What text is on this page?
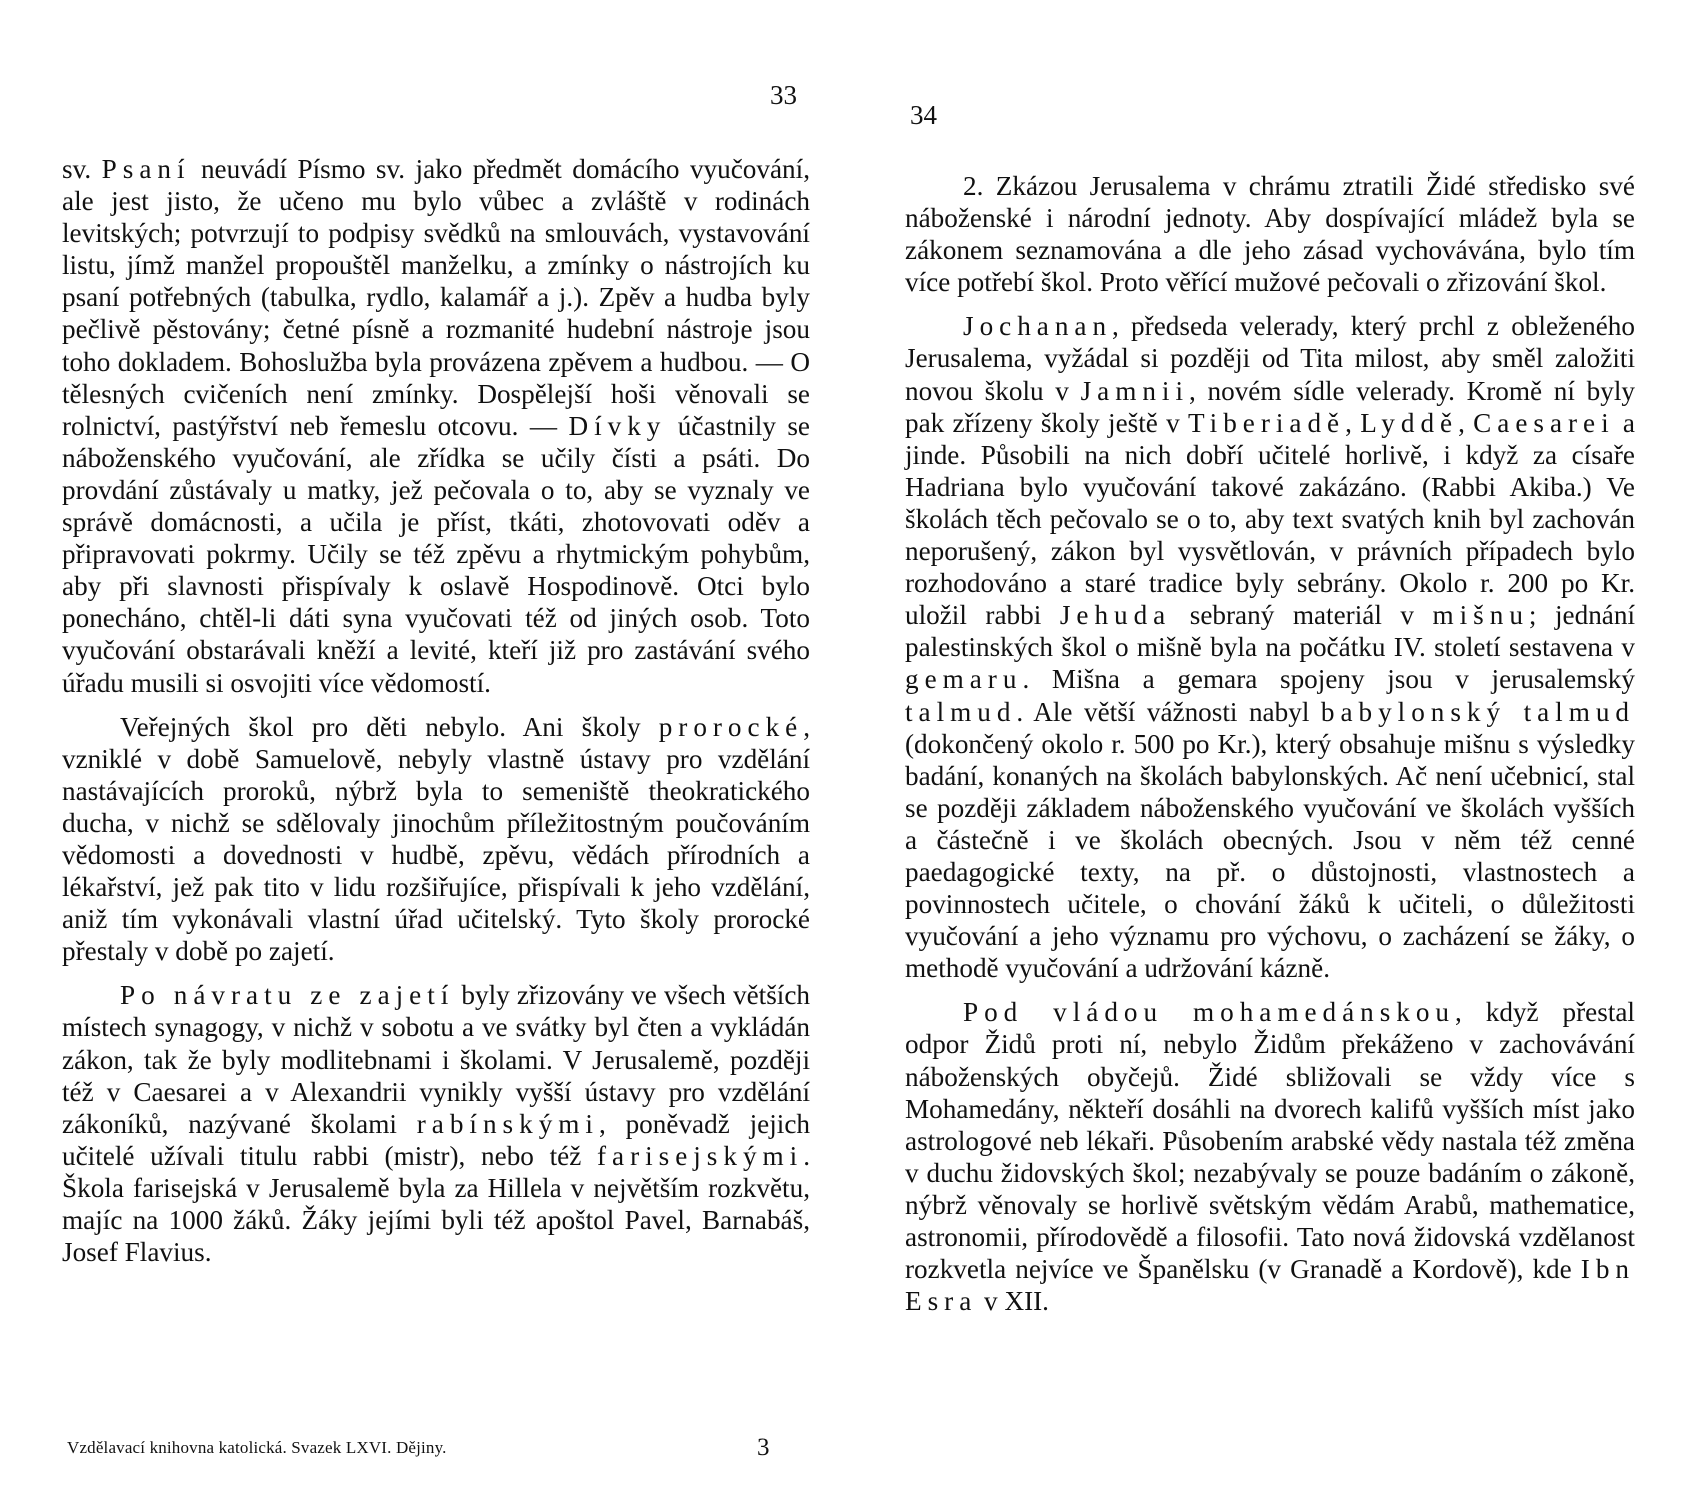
33

sv. Psaní neuvádí Písmo sv. jako předmět domácího vyučování, ale jest jisto, že učeno mu bylo vůbec a zvláště v rodinách levitských; potvrzují to podpisy svědků na smlouvách, vystavování listu, jímž manžel propouštěl manželku, a zmínky o nástrojích ku psaní potřebných (tabulka, rydlo, kalamář a j.). Zpěv a hudba byly pečlivě pěstovány; četné písně a rozmanité hudební nástroje jsou toho dokladem. Bohoslužba byla provázena zpěvem a hudbou. — O tělesných cvičeních není zmínky. Dospělejší hoši věnovali se rolnictví, pastýřství neb řemeslu otcovu. — Dívky účastnily se náboženského vyučování, ale zřídka se učily čísti a psáti. Do provdání zůstávaly u matky, jež pečovala o to, aby se vyznaly ve správě domácnosti, a učila je příst, tkáti, zhotovovati oděv a připravovati pokrmy. Učily se též zpěvu a rhytmickým pohybům, aby při slavnosti přispívaly k oslavě Hospodinově. Otci bylo ponecháno, chtěl-li dáti syna vyučovati též od jiných osob. Toto vyučování obstarávali kněží a levité, kteří již pro zastávání svého úřadu musili si osvojiti více vědomostí.

Veřejných škol pro děti nebylo. Ani školy prorocké, vzniklé v době Samuelově, nebyly vlastně ústavy pro vzdělání nastávajících proroků, nýbrž byla to semeniště theokratického ducha, v nichž se sdělovaly jinochům příležitostným poučováním vědomosti a dovednosti v hudbě, zpěvu, vědách přírodních a lékařství, jež pak tito v lidu rozšiřujíce, přispívali k jeho vzdělání, aniž tím vykonávali vlastní úřad učitelský. Tyto školy prorocké přestaly v době po zajetí.

Po návratu ze zajetí byly zřizovány ve všech větších místech synagogy, v nichž v sobotu a ve svátky byl čten a vykládán zákon, tak že byly modlitebnami i školami. V Jerusalemě, později též v Caesarei a v Alexandrii vynikly vyšší ústavy pro vzdělání zákoníků, nazývané školami rabínskými, poněvadž jejich učitelé užívali titulu rabbi (mistr), nebo též farisejskými. Škola farisejská v Jerusalemě byla za Hillela v největším rozkvětu, majíc na 1000 žáků. Žáky jejími byli též apoštol Pavel, Barnabáš, Josef Flavius.

Vzdělavací knihovna katolická. Svazek LXVI. Dějiny.	3
34

2. Zkázou Jerusalema v chrámu ztratili Židé středisko své náboženské i národní jednoty. Aby dospívající mládež byla se zákonem seznamována a dle jeho zásad vychovávána, bylo tím více potřebí škol. Proto věřící mužové pečovali o zřizování škol.

Jochanan, předseda velerady, který prchl z obleženého Jerusalema, vyžádal si později od Tita milost, aby směl založiti novou školu v Jamnii, novém sídle velerady. Kromě ní byly pak zřízeny školy ještě v Tiberiadě, Lyddě, Caesarei a jinde. Působili na nich dobří učitelé horlivě, i když za císaře Hadriana bylo vyučování takové zakázáno. (Rabbi Akiba.) Ve školách těch pečovalo se o to, aby text svatých knih byl zachován neporušený, zákon byl vysvětlován, v právních případech bylo rozhodováno a staré tradice byly sebrány. Okolo r. 200 po Kr. uložil rabbi Jehuda sebraný materiál v mišnu; jednání palestinských škol o mišně byla na počátku IV. století sestavena v gemaru. Mišna a gemara spojeny jsou v jerusalemský talmud. Ale větší vážnosti nabyl babylonský talmud (dokončený okolo r. 500 po Kr.), který obsahuje mišnu s výsledky badání, konaných na školách babylonských. Ač není učebnicí, stal se později základem náboženského vyučování ve školách vyšších a částečně i ve školách obecných. Jsou v něm též cenné paedagogické texty, na př. o důstojnosti, vlastnostech a povinnostech učitele, o chování žáků k učiteli, o důležitosti vyučování a jeho významu pro výchovu, o zacházení se žáky, o methodě vyučování a udržování kázně.

Pod vládou mohamedánskou, když přestal odpor Židů proti ní, nebylo Židům překáženo v zachovávání náboženských obyčejů. Židé sbližovali se vždy více s Mohamedány, někteří dosáhli na dvorech kalifů vyšších míst jako astrologové neb lékaři. Působením arabské vědy nastala též změna v duchu židovských škol; nezabývaly se pouze badáním o zákoně, nýbrž věnovaly se horlivě světským vědám Arabů, mathematice, astronomii, přírodovědě a filosofii. Tato nová židovská vzdělanost rozkvetla nejvíce ve Španělsku (v Granadě a Kordově), kde Ibn Esra v XII.
